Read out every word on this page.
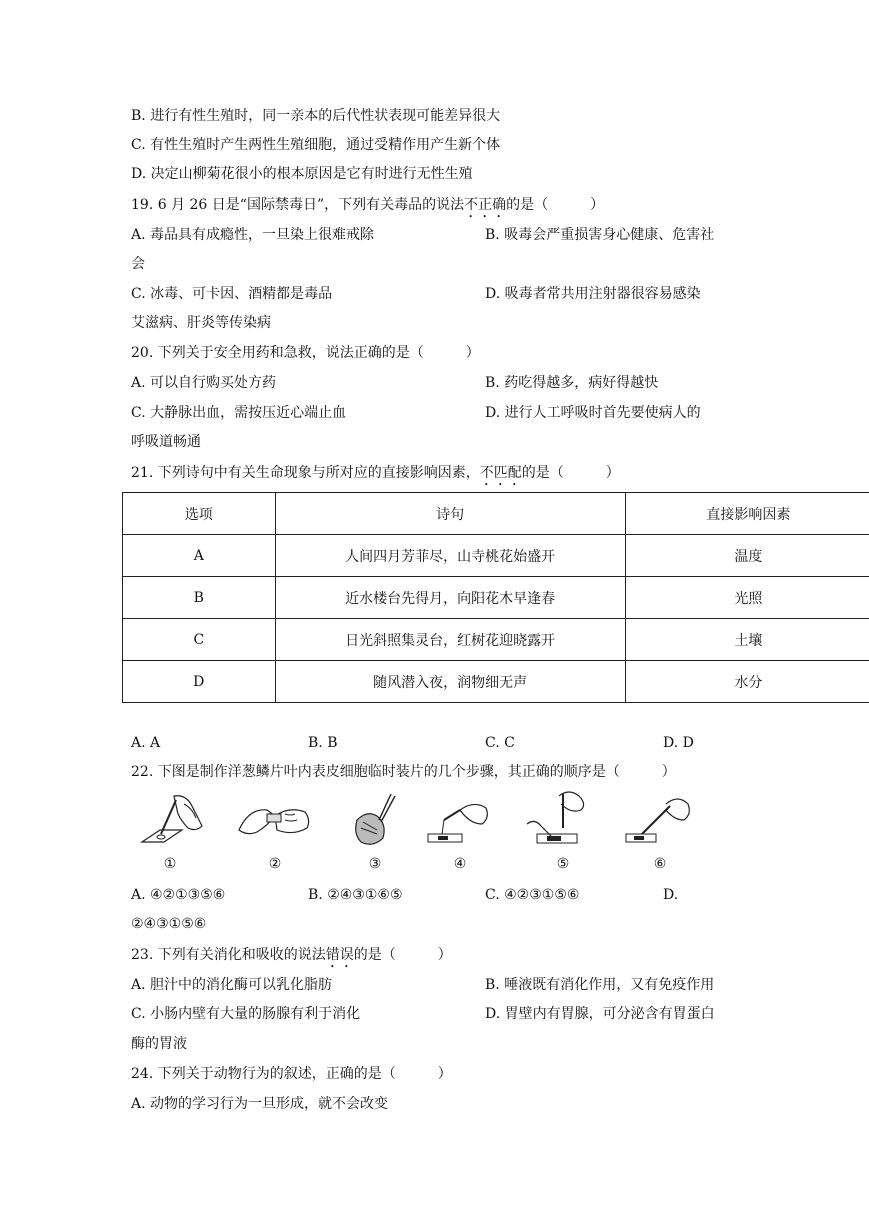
B. 进行有性生殖时，同一亲本的后代性状表现可能差异很大
C. 有性生殖时产生两性生殖细胞，通过受精作用产生新个体
D. 决定山柳菊花很小的根本原因是它有时进行无性生殖
19. 6 月 26 日是“国际禁毒日”，下列有关毒品的说法不正确的是（　　　）
A. 毒品具有成瘾性，一旦染上很难戒除	B. 吸毒会严重损害身心健康、危害社
会
C. 冰毒、可卡因、酒精都是毒品	D. 吸毒者常共用注射器很容易感染
艾滋病、肝炎等传染病
20. 下列关于安全用药和急救，说法正确的是（　　　）
A. 可以自行购买处方药	B. 药吃得越多，病好得越快
C. 大静脉出血，需按压近心端止血	D. 进行人工呼吸时首先要使病人的
呼吸道畅通
21. 下列诗句中有关生命现象与所对应的直接影响因素，不匹配的是（　　　）
选项	诗句	直接影响因素
A	人间四月芳菲尽，山寺桃花始盛开	温度
B	近水楼台先得月，向阳花木早逢春	光照
C	日光斜照集灵台，红树花迎晓露开	土壤
D	随风潜入夜，润物细无声	水分
A. A	B. B	C. C	D. D
22. 下图是制作洋葱鳞片叶内表皮细胞临时装片的几个步骤，其正确的顺序是（　　　）
①	②	③	④	⑤	⑥
A. ④②①③⑤⑥	B. ②④③①⑥⑤	C. ④②③①⑤⑥	D.
②④③①⑤⑥
23. 下列有关消化和吸收的说法错误的是（　　　）
A. 胆汁中的消化酶可以乳化脂肪	B. 唾液既有消化作用，又有免疫作用
C. 小肠内壁有大量的肠腺有利于消化	D. 胃壁内有胃腺，可分泌含有胃蛋白
酶的胃液
24. 下列关于动物行为的叙述，正确的是（　　　）
A. 动物的学习行为一旦形成，就不会改变
